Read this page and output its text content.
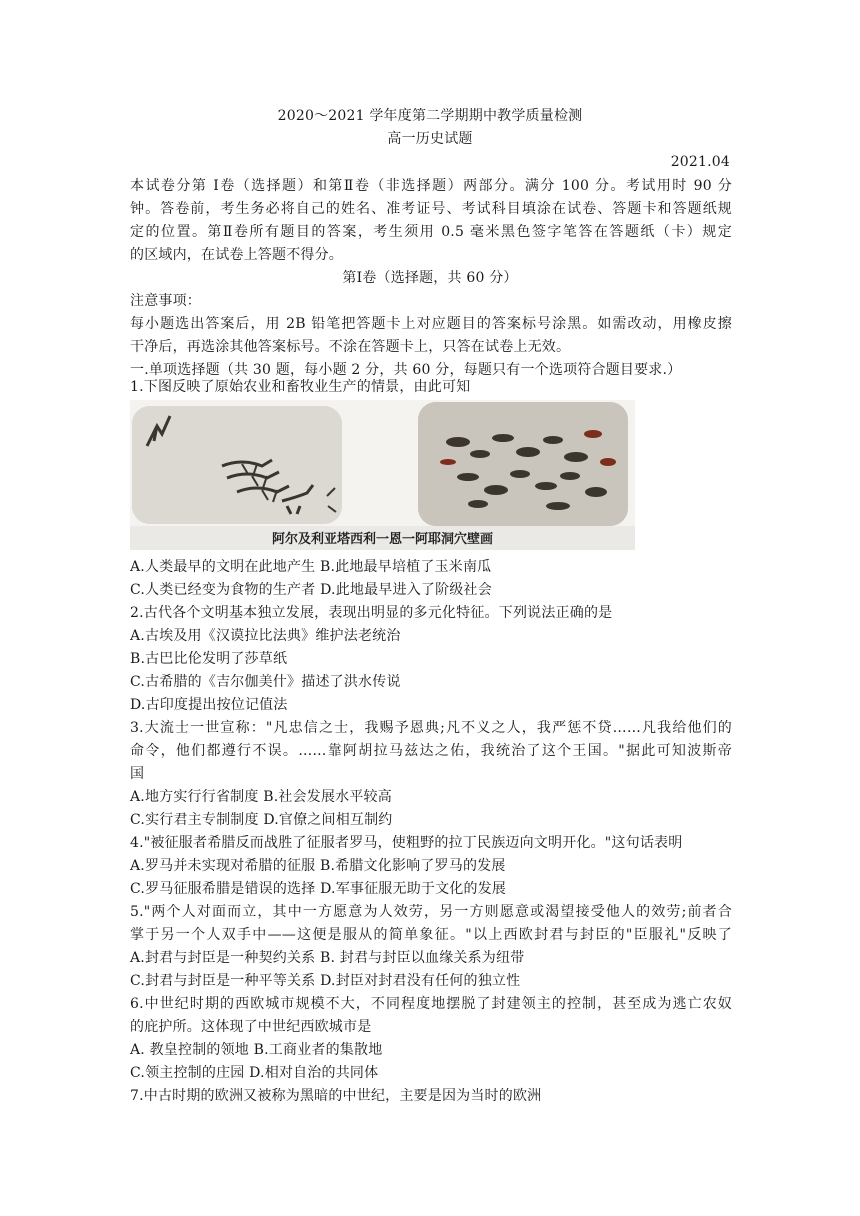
2020～2021 学年度第二学期期中教学质量检测
高一历史试题
2021.04
本试卷分第 Ⅰ卷（选择题）和第Ⅱ卷（非选择题）两部分。满分 100 分。考试用时 90 分
钟。答卷前，考生务必将自己的姓名、准考证号、考试科目填涂在试卷、答题卡和答题纸规
定的位置。第Ⅱ卷所有题目的答案，考生须用 0.5 毫米黑色签字笔答在答题纸（卡）规定
的区域内，在试卷上答题不得分。
第Ⅰ卷（选择题，共 60 分）
注意事项：
每小题选出答案后，用 2B 铅笔把答题卡上对应题目的答案标号涂黑。如需改动，用橡皮擦
干净后，再选涂其他答案标号。不涂在答题卡上，只答在试卷上无效。
一.单项选择题（共 30 题，每小题 2 分，共 60 分，每题只有一个选项符合题目要求.）
1.下图反映了原始农业和畜牧业生产的情景，由此可知
阿尔及利亚塔西利一恩一阿耶洞穴壁画
A.人类最早的文明在此地产生 B.此地最早培植了玉米南瓜
C.人类已经变为食物的生产者 D.此地最早进入了阶级社会
2.古代各个文明基本独立发展，表现出明显的多元化特征。下列说法正确的是
A.古埃及用《汉谟拉比法典》维护法老统治
B.古巴比伦发明了莎草纸
C.古希腊的《吉尔伽美什》描述了洪水传说
D.古印度提出按位记值法
3.大流士一世宣称："凡忠信之士，我赐予恩典;凡不义之人，我严惩不贷……凡我给他们的
命令，他们都遵行不误。……靠阿胡拉马兹达之佑，我统治了这个王国。"据此可知波斯帝
国
A.地方实行行省制度 B.社会发展水平较高
C.实行君主专制制度 D.官僚之间相互制约
4."被征服者希腊反而战胜了征服者罗马，使粗野的拉丁民族迈向文明开化。"这句话表明
A.罗马并未实现对希腊的征服 B.希腊文化影响了罗马的发展
C.罗马征服希腊是错误的选择 D.军事征服无助于文化的发展
5."两个人对面而立，其中一方愿意为人效劳，另一方则愿意或渴望接受他人的效劳;前者合
掌于另一个人双手中——这便是服从的简单象征。"以上西欧封君与封臣的"臣服礼"反映了
A.封君与封臣是一种契约关系 B. 封君与封臣以血缘关系为纽带
C.封君与封臣是一种平等关系 D.封臣对封君没有任何的独立性
6.中世纪时期的西欧城市规模不大，不同程度地摆脱了封建领主的控制，甚至成为逃亡农奴
的庇护所。这体现了中世纪西欧城市是
A. 教皇控制的领地 B.工商业者的集散地
C.领主控制的庄园 D.相对自治的共同体
7.中古时期的欧洲又被称为黑暗的中世纪，主要是因为当时的欧洲
